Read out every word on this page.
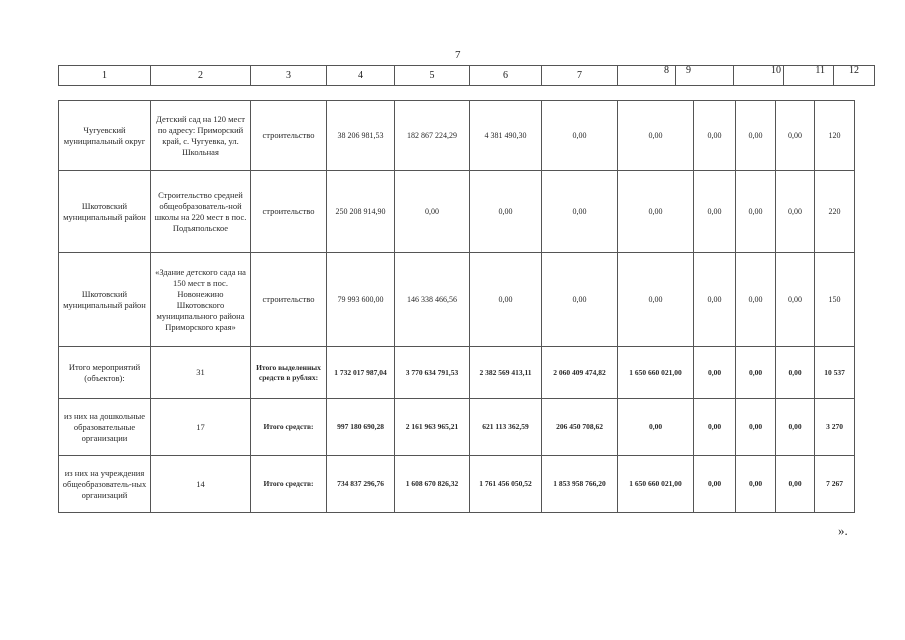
7
1	2	3	4	5	6	7	8	9	10	11	12
Чугуевский муниципальный округ	Детский сад на 120 мест по адресу: Приморский край, с. Чугуевка, ул. Школьная	строительство	38 206 981,53	182 867 224,29	4 381 490,30	0,00	0,00	0,00	0,00	0,00	120
Шкотовский муниципальный район	Строительство средней общеобразователь-ной школы на 220 мест в пос. Подъяпольское	строительство	250 208 914,90	0,00	0,00	0,00	0,00	0,00	0,00	0,00	220
Шкотовский муниципальный район	«Здание детского сада на 150 мест в пос. Новонежино Шкотовского муниципального района Приморского края»	строительство	79 993 600,00	146 338 466,56	0,00	0,00	0,00	0,00	0,00	0,00	150
Итого мероприятий (объектов):	31	Итого выделенных средств в рублях:	1 732 017 987,04	3 770 634 791,53	2 382 569 413,11	2 060 409 474,82	1 650 660 021,00	0,00	0,00	0,00	10 537
из них на дошкольные образовательные организации	17	Итого средств:	997 180 690,28	2 161 963 965,21	621 113 362,59	206 450 708,62	0,00	0,00	0,00	0,00	3 270
из них на учреждения общеобразователь-ных организаций	14	Итого средств:	734 837 296,76	1 608 670 826,32	1 761 456 050,52	1 853 958 766,20	1 650 660 021,00	0,00	0,00	0,00	7 267
».
